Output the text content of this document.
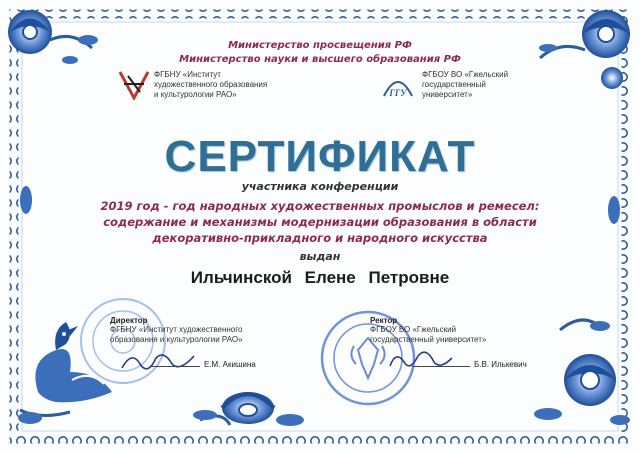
Министерство просвещения РФ
Министерство науки и высшего образования РФ
ФГБНУ «Институт
художественного образования
и культурологии РАО»	ГГУ
ФГБОУ ВО «Гжельский
государственный
университет»
СЕРТИФИКАТ
участника конференции
2019 год - год народных художественных промыслов и ремесел:
содержание и механизмы модернизации образования в области
декоративно-прикладного и народного искусства
выдан
Ильчинской Елене Петровне
Директор
ФГБНУ «Институт художественного
образования и культурологии РАО»
Е.М. Акишина
Ректор
ФГБОУ ВО «Гжельский
государственный университет»
Б.В. Илькевич
